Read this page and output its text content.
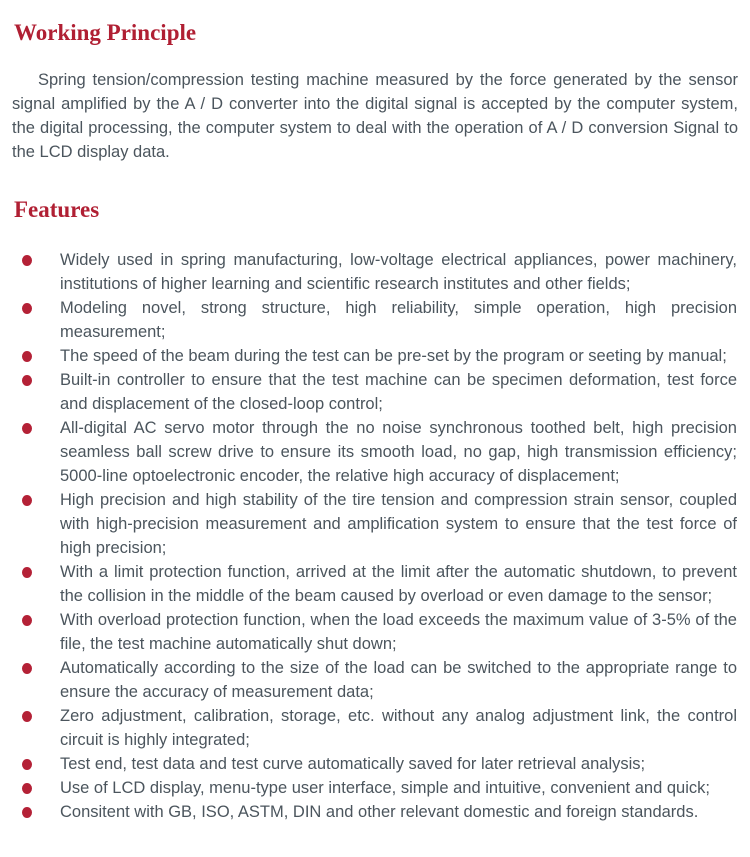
Working Principle

Spring tension/compression testing machine measured by the force generated by the sensor signal amplified by the A / D converter into the digital signal is accepted by the computer system, the digital processing, the computer system to deal with the operation of A / D conversion Signal to the LCD display data.

Features
Widely used in spring manufacturing, low-voltage electrical appliances, power machinery, institutions of higher learning and scientific research institutes and other fields;
Modeling novel, strong structure, high reliability, simple operation, high precision measurement;
The speed of the beam during the test can be pre-set by the program or seeting by manual;
Built-in controller to ensure that the test machine can be specimen deformation, test force and displacement of the closed-loop control;
All-digital AC servo motor through the no noise synchronous toothed belt, high precision seamless ball screw drive to ensure its smooth load, no gap, high transmission efficiency; 5000-line optoelectronic encoder, the relative high accuracy of displacement;
High precision and high stability of the tire tension and compression strain sensor, coupled with high-precision measurement and amplification system to ensure that the test force of high precision;
With a limit protection function, arrived at the limit after the automatic shutdown, to prevent the collision in the middle of the beam caused by overload or even damage to the sensor;
With overload protection function, when the load exceeds the maximum value of 3-5% of the file, the test machine automatically shut down;
Automatically according to the size of the load can be switched to the appropriate range to ensure the accuracy of measurement data;
Zero adjustment, calibration, storage, etc. without any analog adjustment link, the control circuit is highly integrated;
Test end, test data and test curve automatically saved for later retrieval analysis;
Use of LCD display, menu-type user interface, simple and intuitive, convenient and quick;
Consitent with GB, ISO, ASTM, DIN and other relevant domestic and foreign standards.
